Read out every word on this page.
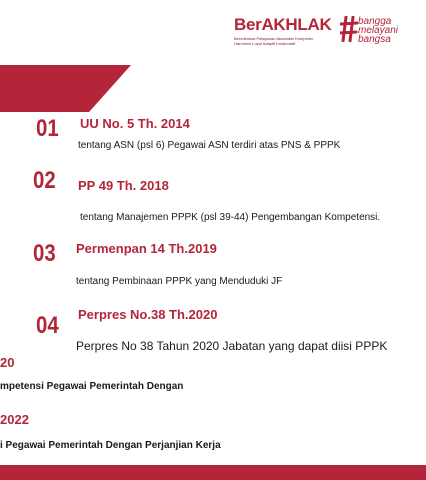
BerAKHLAK
Berorientasi Pelayanan Akuntabel Kompeten
Harmonis Loyal Adaptif Kolaboratif
bangga
melayani
bangsa
01 UU No. 5 Th. 2014
tentang ASN (psl 6) Pegawai ASN terdiri atas PNS & PPPK
02 PP 49 Th. 2018
tentang Manajemen PPPK (psl 39-44) Pengembangan Kompetensi.
03 Permenpan 14 Th.2019
tentang Pembinaan PPPK yang Menduduki JF
04 Perpres No.38 Th.2020
Perpres No 38 Tahun 2020 Jabatan yang dapat diisi PPPK
20
mpetensi Pegawai Pemerintah Dengan
2022
i Pegawai Pemerintah Dengan Perjanjian Kerja
